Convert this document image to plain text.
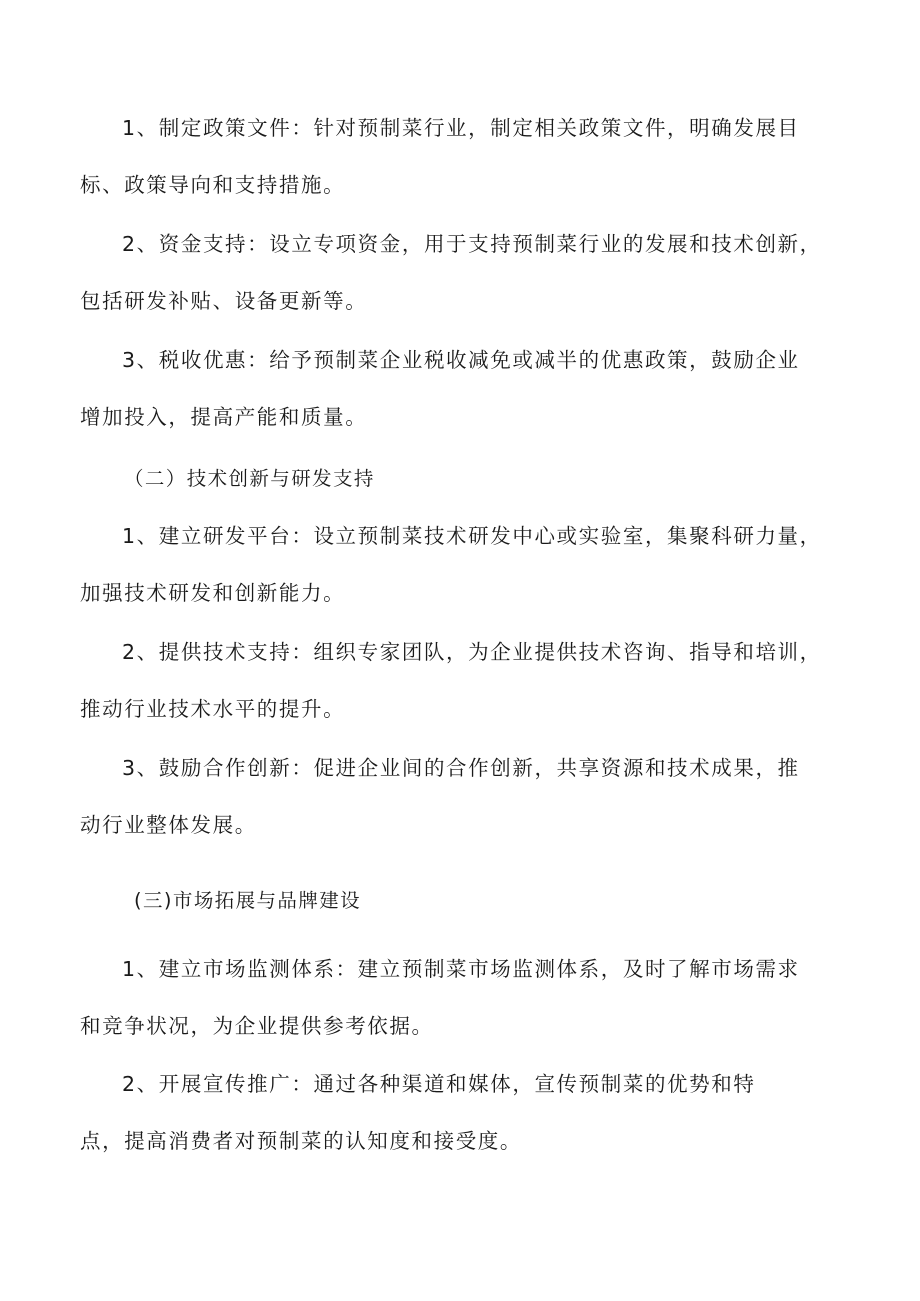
1、制定政策文件：针对预制菜行业，制定相关政策文件，明确发展目
标、政策导向和支持措施。

2、资金支持：设立专项资金，用于支持预制菜行业的发展和技术创新，
包括研发补贴、设备更新等。

3、税收优惠：给予预制菜企业税收减免或减半的优惠政策，鼓励企业
增加投入，提高产能和质量。

（二）技术创新与研发支持

1、建立研发平台：设立预制菜技术研发中心或实验室，集聚科研力量，
加强技术研发和创新能力。

2、提供技术支持：组织专家团队，为企业提供技术咨询、指导和培训，
推动行业技术水平的提升。

3、鼓励合作创新：促进企业间的合作创新，共享资源和技术成果，推
动行业整体发展。

(三)市场拓展与品牌建设

1、建立市场监测体系：建立预制菜市场监测体系，及时了解市场需求
和竞争状况，为企业提供参考依据。

2、开展宣传推广：通过各种渠道和媒体，宣传预制菜的优势和特
点，提高消费者对预制菜的认知度和接受度。
